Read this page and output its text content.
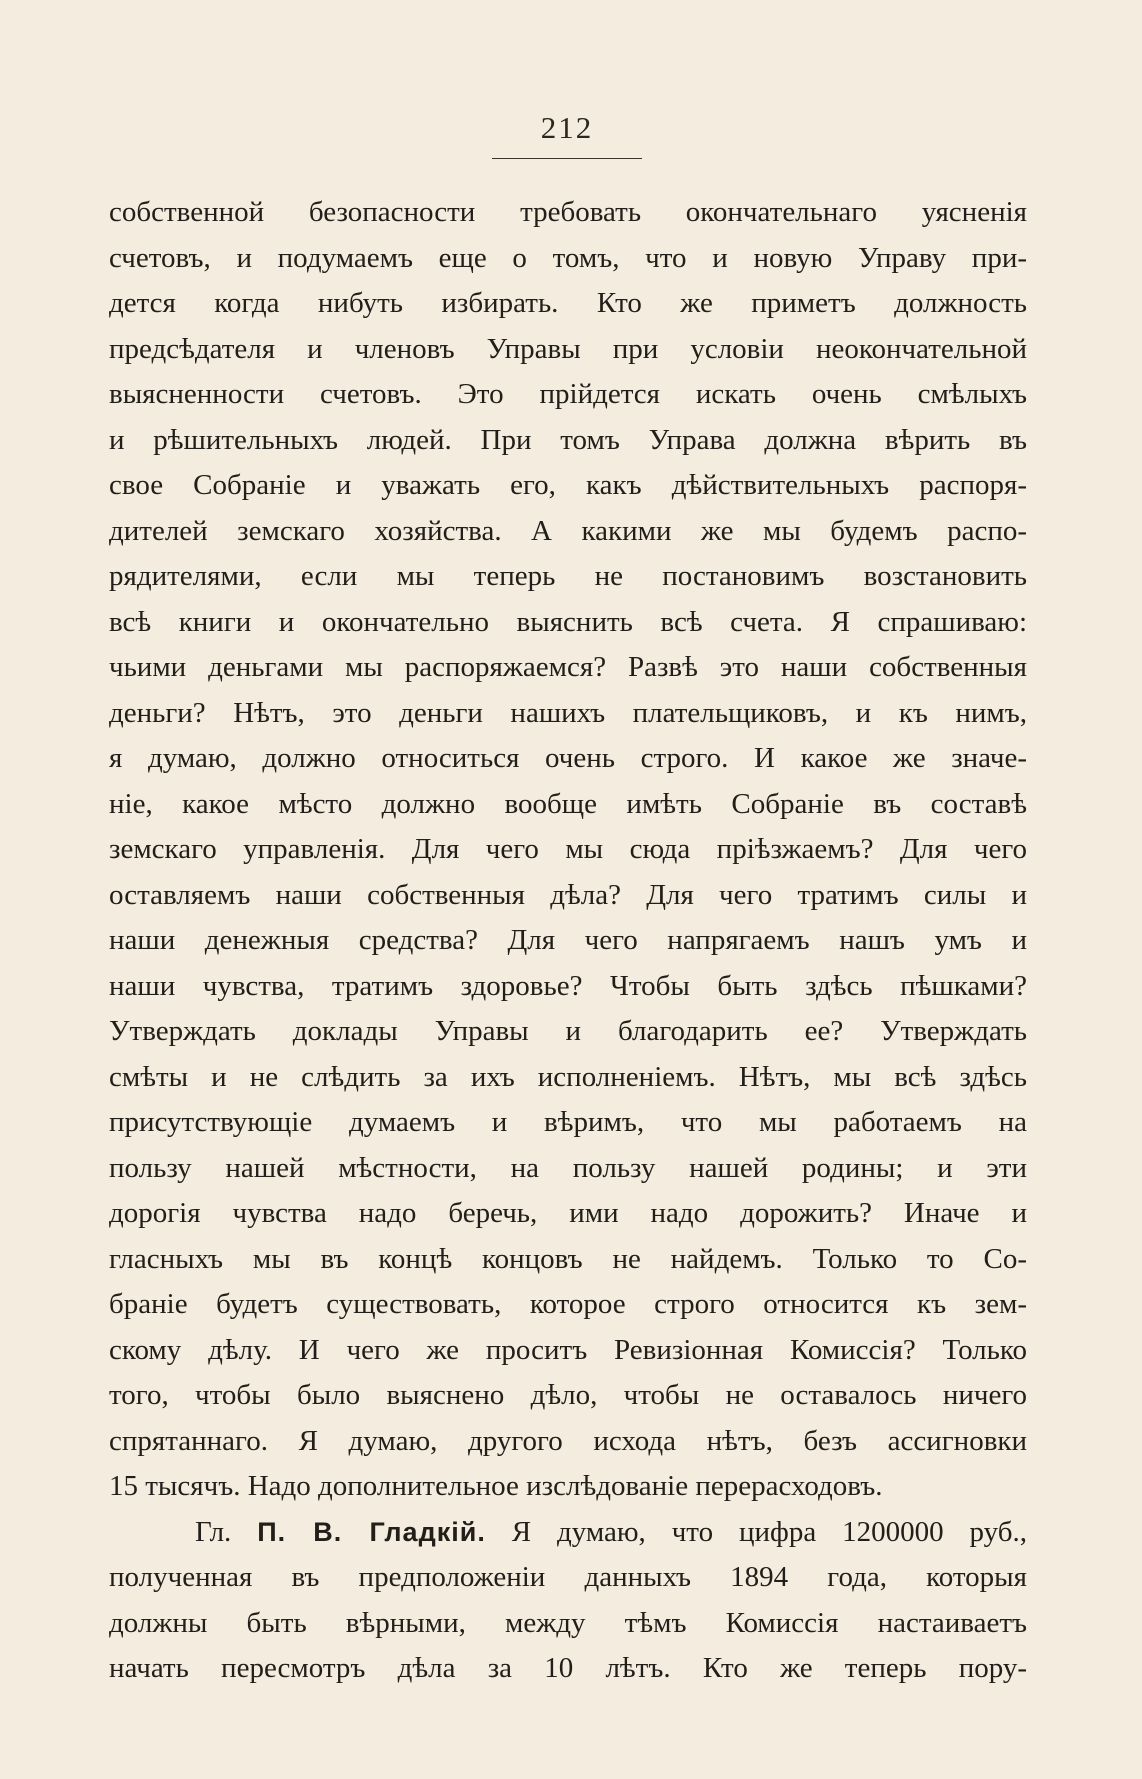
212
собственной безопасности требовать окончательнаго уясненія
счетовъ, и подумаемъ еще о томъ, что и новую Управу при-
дется когда нибуть избирать. Кто же приметъ должность
предсѣдателя и членовъ Управы при условіи неокончательной
выясненности счетовъ. Это прійдется искать очень смѣлыхъ
и рѣшительныхъ людей. При томъ Управа должна вѣрить въ
свое Собраніе и уважать его, какъ дѣйствительныхъ распоря-
дителей земскаго хозяйства. А какими же мы будемъ распо-
рядителями, если мы теперь не постановимъ возстановить
всѣ книги и окончательно выяснить всѣ счета. Я спрашиваю:
чьими деньгами мы распоряжаемся? Развѣ это наши собственныя
деньги? Нѣтъ, это деньги нашихъ плательщиковъ, и къ нимъ,
я думаю, должно относиться очень строго. И какое же значе-
ніе, какое мѣсто должно вообще имѣть Собраніе въ составѣ
земскаго управленія. Для чего мы сюда пріѣзжаемъ? Для чего
оставляемъ наши собственныя дѣла? Для чего тратимъ силы и
наши денежныя средства? Для чего напрягаемъ нашъ умъ и
наши чувства, тратимъ здоровье? Чтобы быть здѣсь пѣшками?
Утверждать доклады Управы и благодарить ее? Утверждать
смѣты и не слѣдить за ихъ исполненіемъ. Нѣтъ, мы всѣ здѣсь
присутствующіе думаемъ и вѣримъ, что мы работаемъ на
пользу нашей мѣстности, на пользу нашей родины; и эти
дорогія чувства надо беречь, ими надо дорожить? Иначе и
гласныхъ мы въ концѣ концовъ не найдемъ. Только то Со-
браніе будетъ существовать, которое строго относится къ зем-
скому дѣлу. И чего же проситъ Ревизіонная Комиссія? Только
того, чтобы было выяснено дѣло, чтобы не оставалось ничего
спрятаннаго. Я думаю, другого исхода нѣтъ, безъ ассигновки
15 тысячъ. Надо дополнительное изслѣдованіе перерасходовъ.
Гл. П. В. Гладкій. Я думаю, что цифра 1200000 руб.,
полученная въ предположеніи данныхъ 1894 года, которыя
должны быть вѣрными, между тѣмъ Комиссія настаиваетъ
начать пересмотръ дѣла за 10 лѣтъ. Кто же теперь пору-
